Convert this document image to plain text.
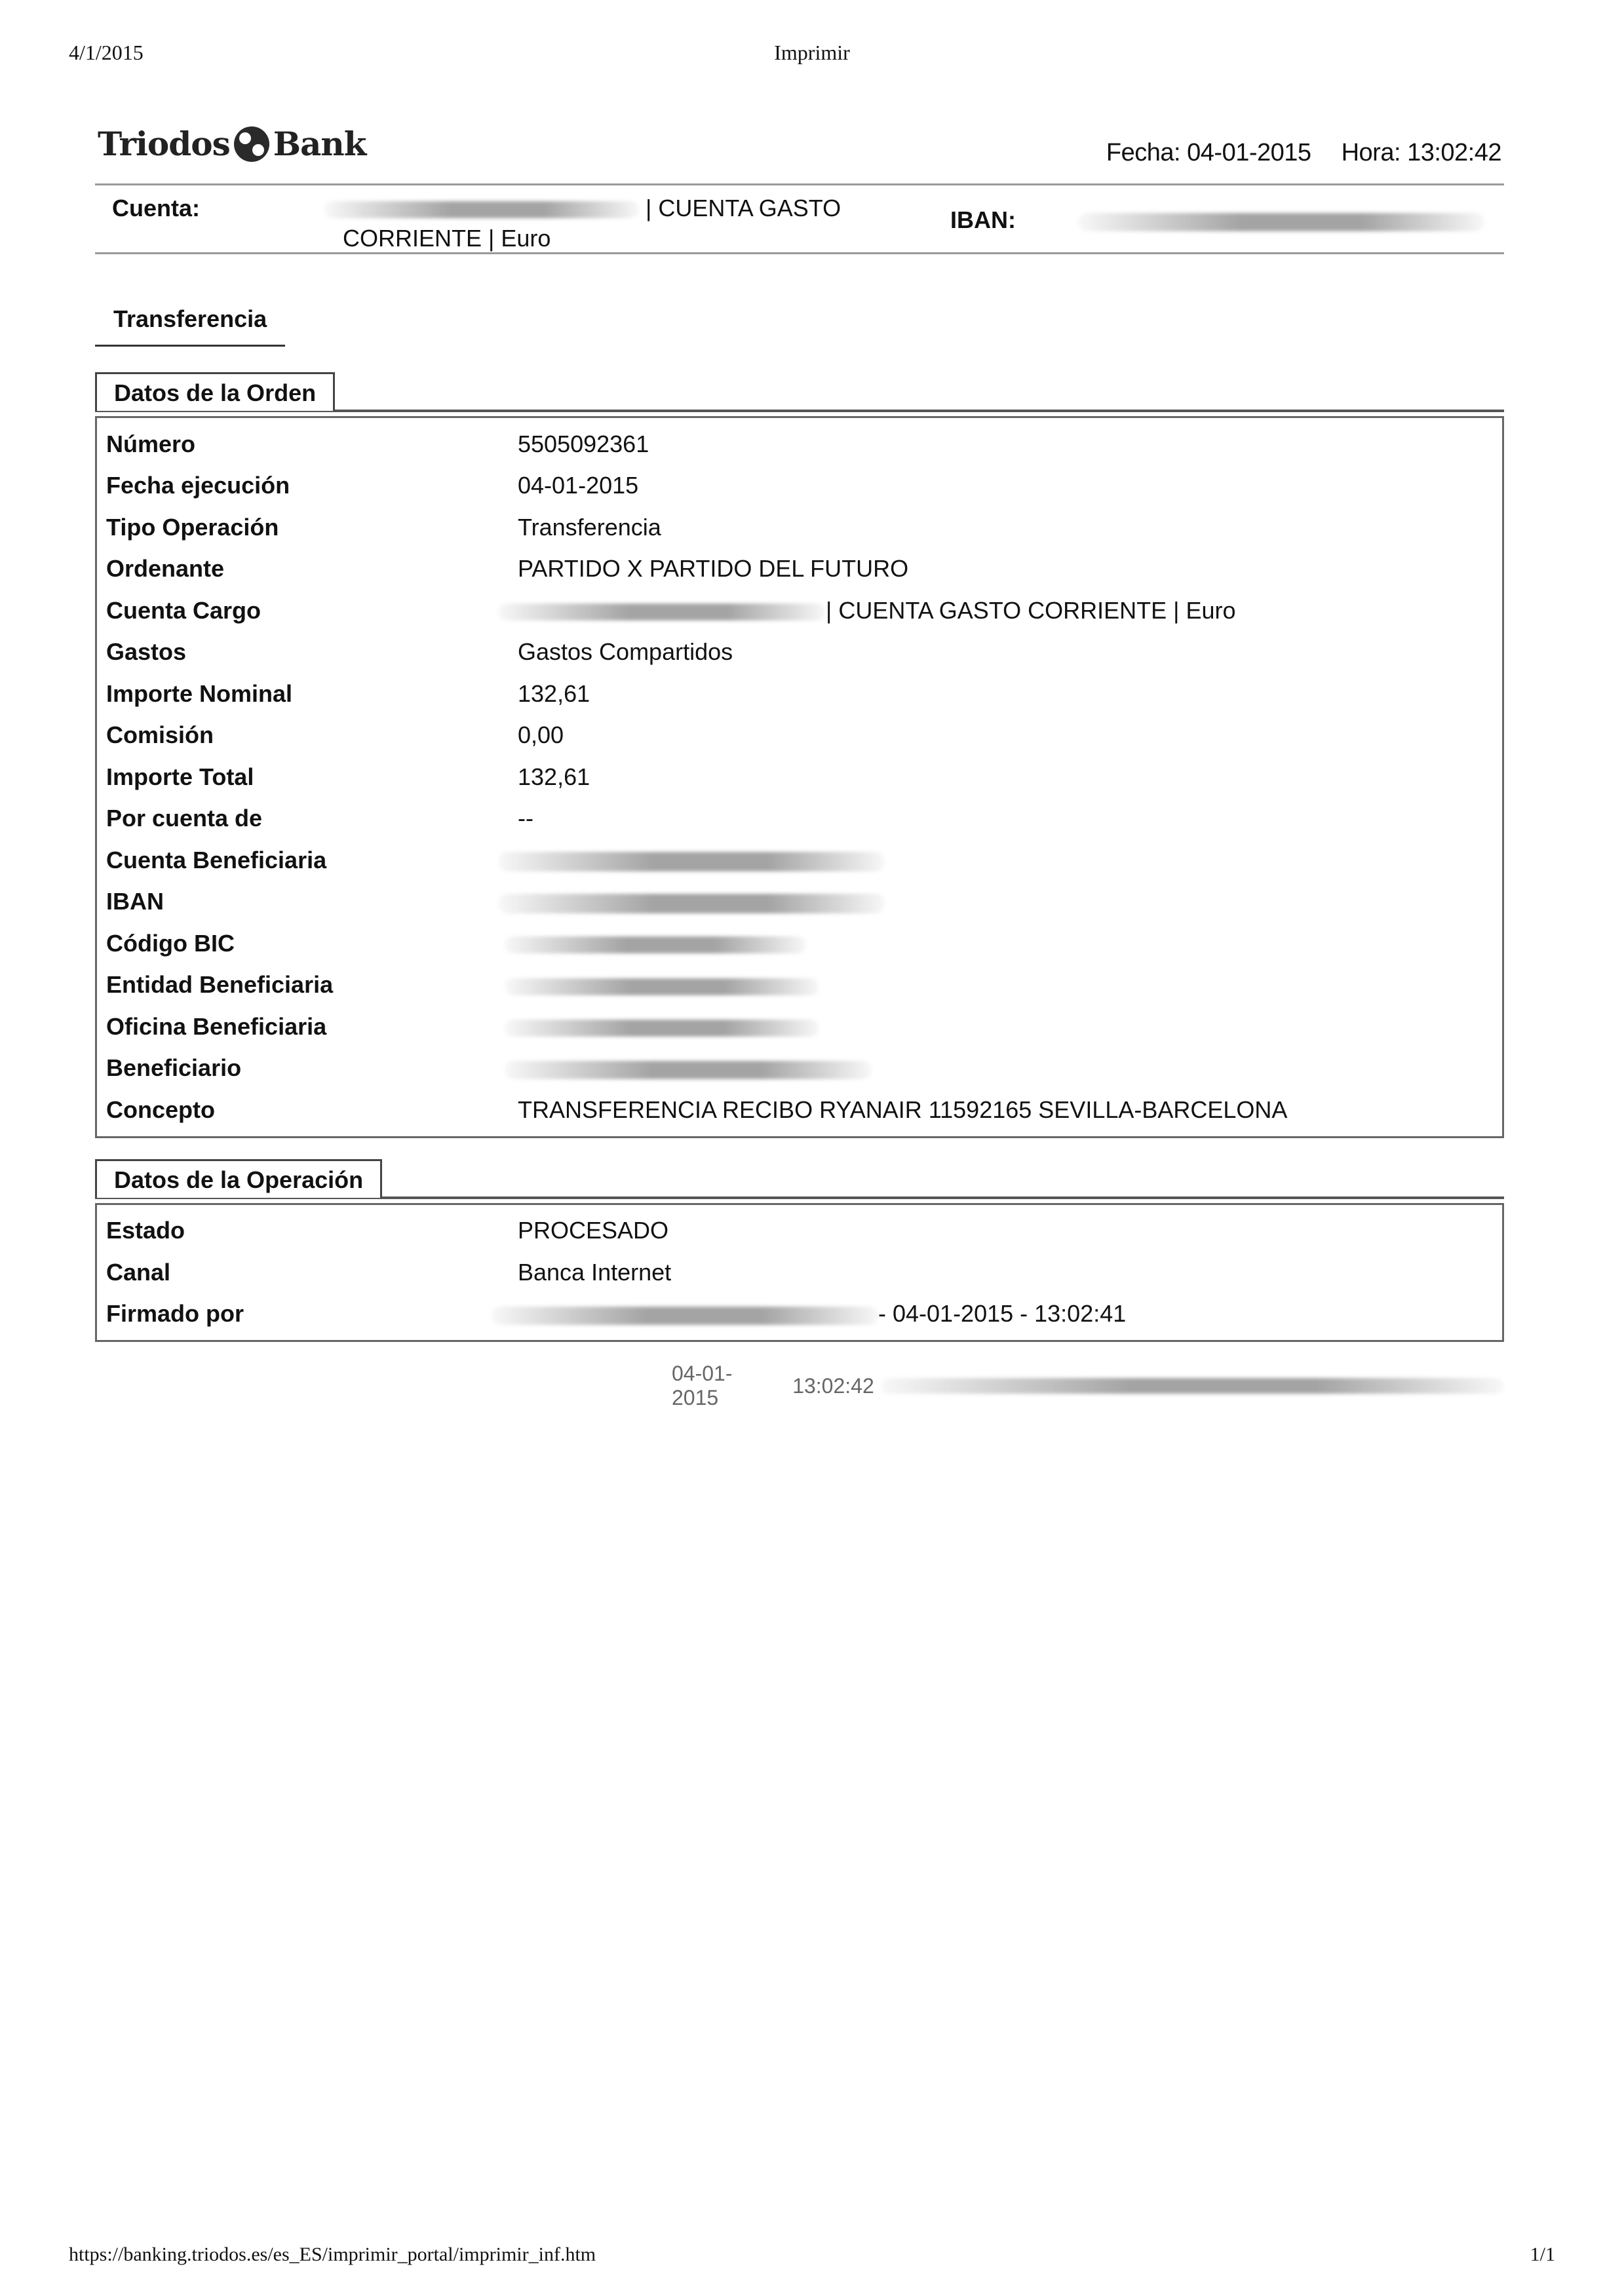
4/1/2015	Imprimir
Triodos Bank	Fecha: 04-01-2015 Hora: 13:02:42
Cuenta:	| CUENTA GASTO
CORRIENTE | Euro
IBAN:
Transferencia
Datos de la Orden
Número	5505092361
Fecha ejecución	04-01-2015
Tipo Operación	Transferencia
Ordenante	PARTIDO X PARTIDO DEL FUTURO
Cuenta Cargo	| CUENTA GASTO CORRIENTE | Euro
Gastos	Gastos Compartidos
Importe Nominal	132,61
Comisión	0,00
Importe Total	132,61
Por cuenta de	--
Cuenta Beneficiaria
IBAN
Código BIC
Entidad Beneficiaria
Oficina Beneficiaria
Beneficiario
Concepto	TRANSFERENCIA RECIBO RYANAIR 11592165 SEVILLA-BARCELONA
Datos de la Operación
Estado	PROCESADO
Canal	Banca Internet
Firmado por	- 04-01-2015 - 13:02:41
04-01-2015
13:02:42
https://banking.triodos.es/es_ES/imprimir_portal/imprimir_inf.htm	1/1
